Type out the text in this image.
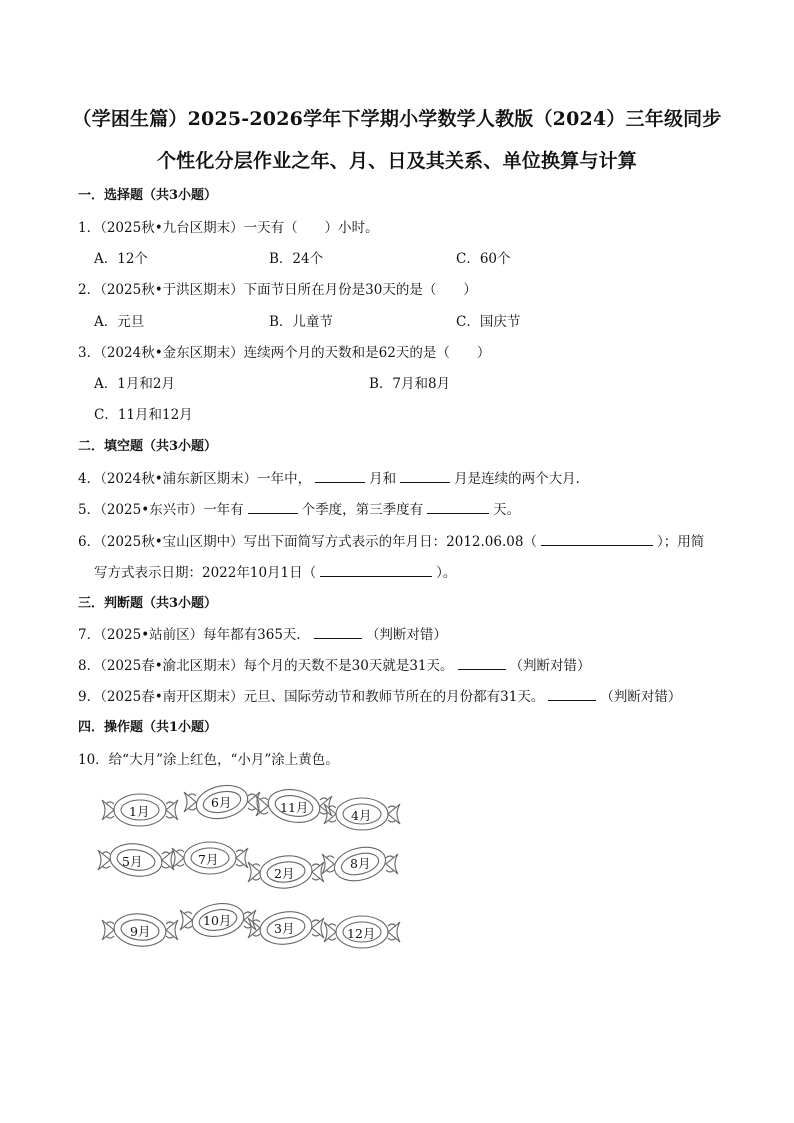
（学困生篇）2025-2026学年下学期小学数学人教版（2024）三年级同步
个性化分层作业之年、月、日及其关系、单位换算与计算
一．选择题（共3小题）
1．（2025秋•九台区期末）一天有（　　）小时。
A．12个	B．24个	C．60个
2．（2025秋•于洪区期末）下面节日所在月份是30天的是（　　）
A．元旦	B．儿童节	C．国庆节
3．（2024秋•金东区期末）连续两个月的天数和是62天的是（　　）
A．1月和2月	B．7月和8月
C．11月和12月
二．填空题（共3小题）
4．（2024秋•浦东新区期末）一年中，	月和	月是连续的两个大月．
5．（2025•东兴市）一年有	个季度，第三季度有	天。
6．（2025秋•宝山区期中）写出下面简写方式表示的年月日：2012.06.08（	）；用简
写方式表示日期：2022年10月1日（	）。
三．判断题（共3小题）
7．（2025•站前区）每年都有365天．	（判断对错）
8．（2025春•渝北区期末）每个月的天数不是30天就是31天。	（判断对错）
9．（2025春•南开区期末）元旦、国际劳动节和教师节所在的月份都有31天。	（判断对错）
四．操作题（共1小题）
10．给“大月”涂上红色，“小月”涂上黄色。
1月
6月	11月
4月
5月	7月
2月
8月
9月
10月
3月	12月
